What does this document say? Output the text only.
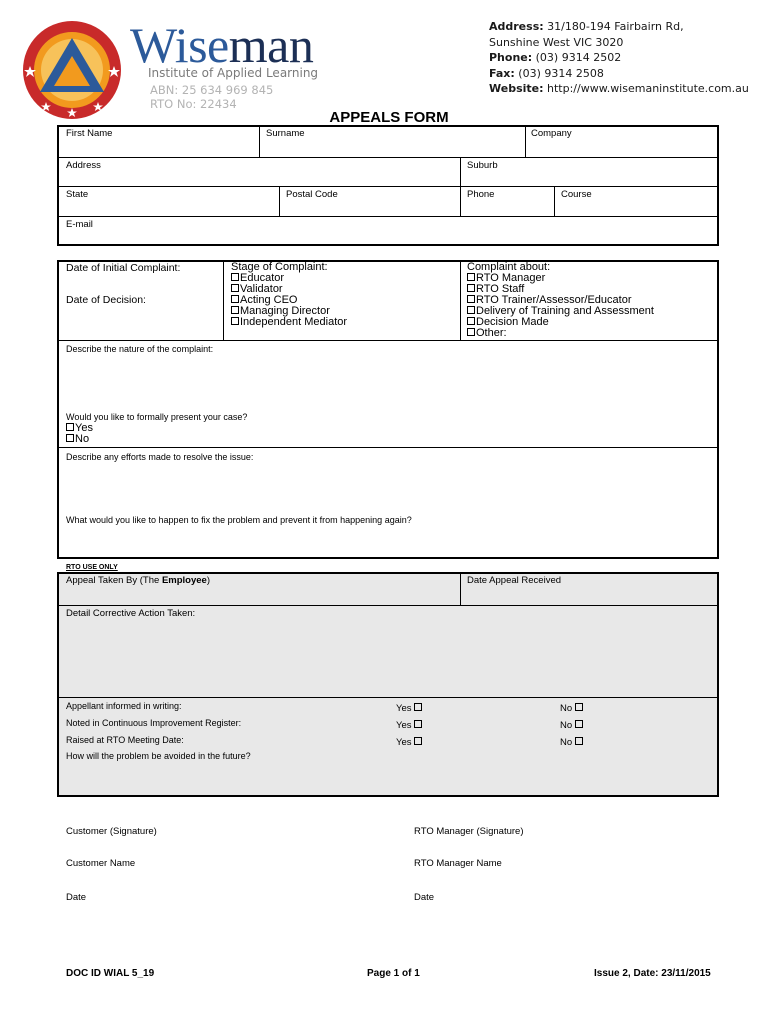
Wiseman
Institute of Applied Learning
ABN: 25 634 969 845
RTO No: 22434
Address: 31/180-194 Fairbairn Rd,
Sunshine West VIC 3020
Phone: (03) 9314 2502
Fax: (03) 9314 2508
Website: http://www.wiseman​institute.com.au
APPEALS FORM
First Name	Surname	Company
Address	Suburb
State	Postal Code	Phone	Course
E-mail
Date of Initial Complaint:
Date of Decision:
Stage of Complaint:
Educator
Validator
Acting CEO
Managing Director
Independent Mediator
Complaint about:
RTO Manager
RTO Staff
RTO Trainer/Assessor/Educator
Delivery of Training and Assessment
Decision Made
Other:
Describe the nature of the complaint:
Would you like to formally present your case?
Yes
No
Describe any efforts made to resolve the issue:
What would you like to happen to fix the problem and prevent it from happening again?
RTO USE ONLY
Appeal Taken By (The Employee)	Date Appeal Received
Detail Corrective Action Taken:
Appellant informed in writing:	Yes	No
Noted in Continuous Improvement Register:	Yes	No
Raised at RTO Meeting Date:	Yes	No
How will the problem be avoided in the future?
Customer (Signature)	RTO Manager (Signature)
Customer Name	RTO Manager Name
Date	Date
DOC ID WIAL 5_19	Page 1 of 1	Issue 2, Date: 23/11/2015
